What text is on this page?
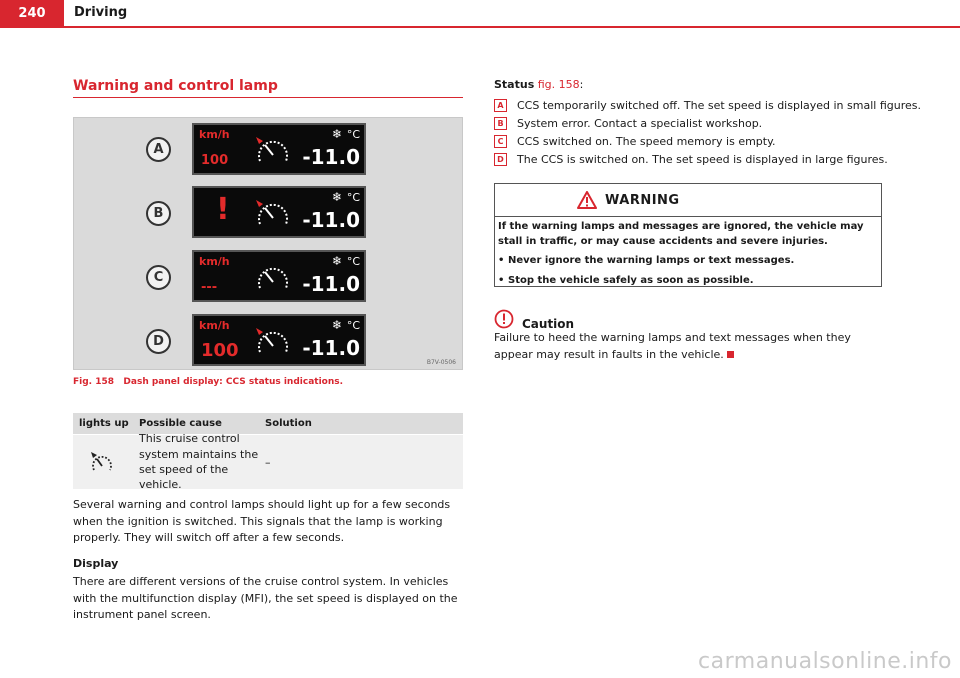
240	Driving
Warning and control lamp
A
km/h
100
❄ °C
-11.0
B !	❄ °C
-11.0
C
km/h
---
❄ °C
-11.0
D
km/h
100
❄ °C
-11.0
B7V-0506
Fig. 158 Dash panel display: CCS status indications.
lights up	Possible cause	Solution
This cruise control system maintains the set speed of the vehicle.
–
Several warning and control lamps should light up for a few seconds when the ignition is switched. This signals that the lamp is working properly. They will switch off after a few seconds.
Display
There are different versions of the cruise control system. In vehicles with the multifunction display (MFI), the set speed is displayed on the instrument panel screen.
Status fig. 158:
A	CCS temporarily switched off. The set speed is displayed in small figures.
B	System error. Contact a specialist workshop.
C	CCS switched on. The speed memory is empty.
D The CCS is switched on. The set speed is displayed in large figures.
WARNING
If the warning lamps and messages are ignored, the vehicle may stall in traffic, or may cause accidents and severe injuries.
• Never ignore the warning lamps or text messages.
• Stop the vehicle safely as soon as possible.
Caution
Failure to heed the warning lamps and text messages when they appear may result in faults in the vehicle.
carmanualsonline.info
